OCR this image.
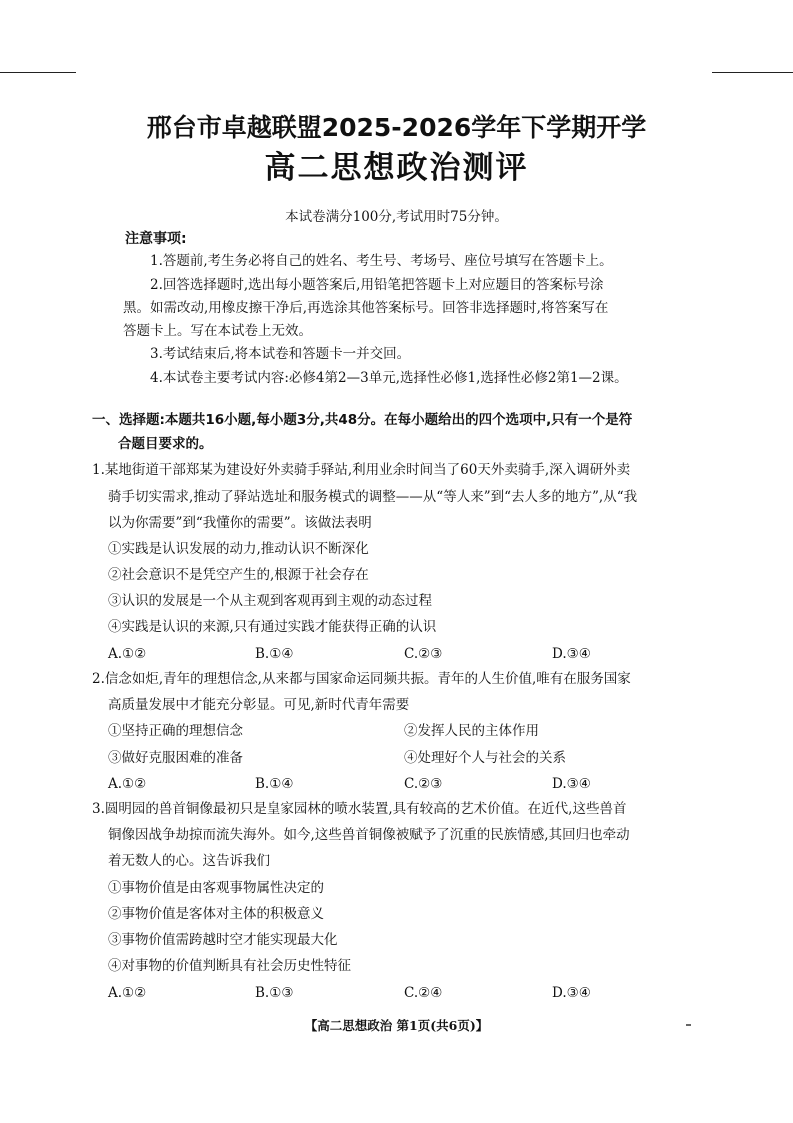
邢台市卓越联盟2025-2026学年下学期开学
高二思想政治测评
本试卷满分100分,考试用时75分钟。
注意事项:
1.答题前,考生务必将自己的姓名、考生号、考场号、座位号填写在答题卡上。
2.回答选择题时,选出每小题答案后,用铅笔把答题卡上对应题目的答案标号涂
黑。如需改动,用橡皮擦干净后,再选涂其他答案标号。回答非选择题时,将答案写在
答题卡上。写在本试卷上无效。
3.考试结束后,将本试卷和答题卡一并交回。
4.本试卷主要考试内容:必修4第2—3单元,选择性必修1,选择性必修2第1—2课。
一、选择题:本题共16小题,每小题3分,共48分。在每小题给出的四个选项中,只有一个是符
合题目要求的。
1.某地街道干部郑某为建设好外卖骑手驿站,利用业余时间当了60天外卖骑手,深入调研外卖
骑手切实需求,推动了驿站选址和服务模式的调整——从“等人来”到“去人多的地方”,从“我
以为你需要”到“我懂你的需要”。该做法表明
①实践是认识发展的动力,推动认识不断深化
②社会意识不是凭空产生的,根源于社会存在
③认识的发展是一个从主观到客观再到主观的动态过程
④实践是认识的来源,只有通过实践才能获得正确的认识
A.①②	B.①④	C.②③	D.③④
2.信念如炬,青年的理想信念,从来都与国家命运同频共振。青年的人生价值,唯有在服务国家
高质量发展中才能充分彰显。可见,新时代青年需要
①坚持正确的理想信念	②发挥人民的主体作用
③做好克服困难的准备	④处理好个人与社会的关系
A.①②	B.①④	C.②③	D.③④
3.圆明园的兽首铜像最初只是皇家园林的喷水装置,具有较高的艺术价值。在近代,这些兽首
铜像因战争劫掠而流失海外。如今,这些兽首铜像被赋予了沉重的民族情感,其回归也牵动
着无数人的心。这告诉我们
①事物价值是由客观事物属性决定的
②事物价值是客体对主体的积极意义
③事物价值需跨越时空才能实现最大化
④对事物的价值判断具有社会历史性特征
A.①②	B.①③	C.②④	D.③④
【高二思想政治 第1页(共6页)】
